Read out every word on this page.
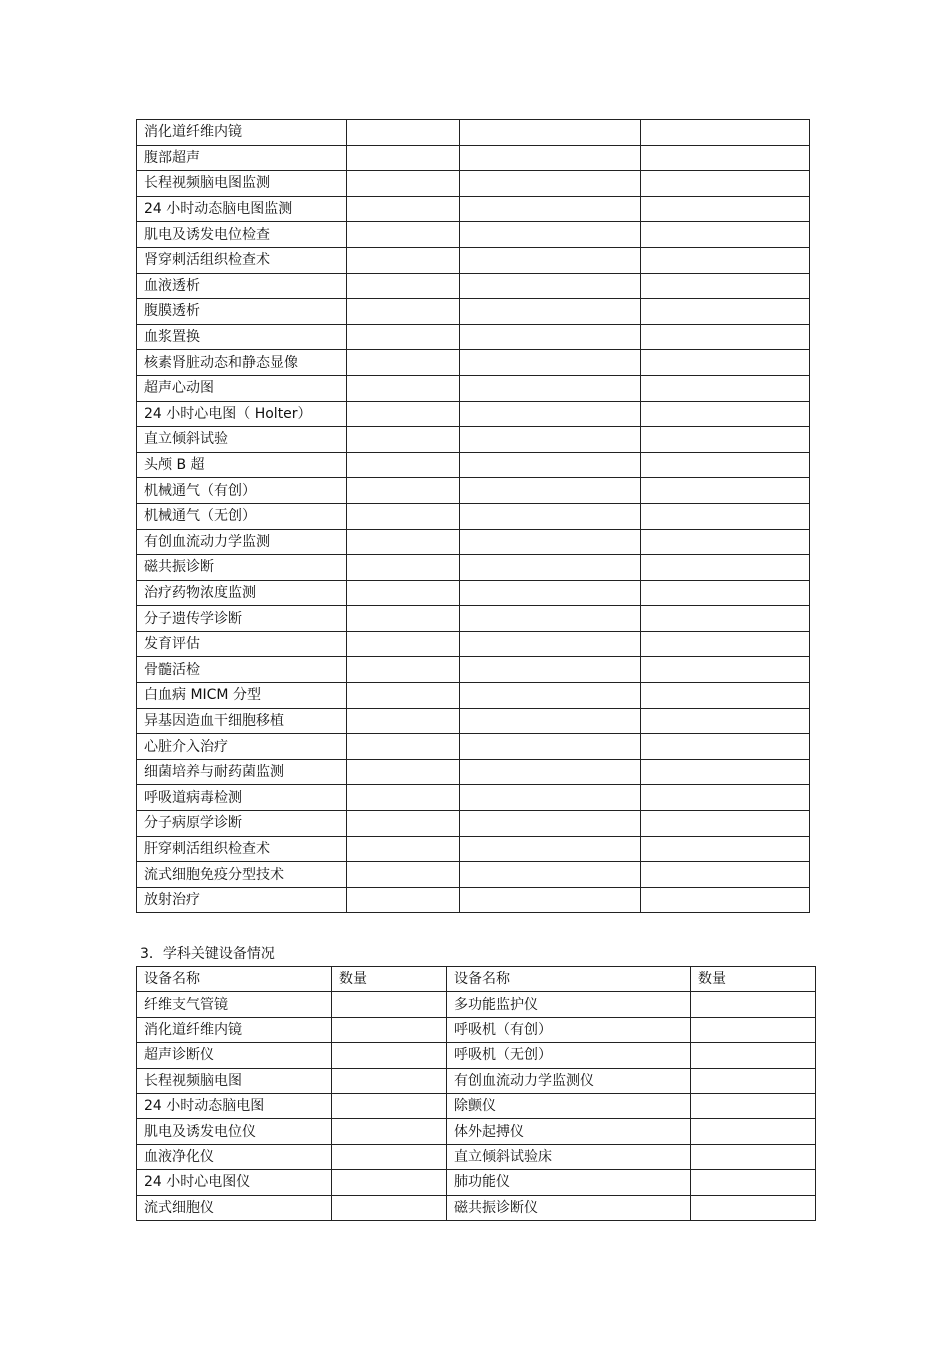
消化道纤维内镜			
腹部超声			
长程视频脑电图监测			
24 小时动态脑电图监测			
肌电及诱发电位检查			
肾穿刺活组织检查术			
血液透析			
腹膜透析			
血浆置换			
核素肾脏动态和静态显像			
超声心动图			
24 小时心电图（ Holter）			
直立倾斜试验			
头颅 B 超			
机械通气（有创）			
机械通气（无创）			
有创血流动力学监测			
磁共振诊断			
治疗药物浓度监测			
分子遗传学诊断			
发育评估			
骨髓活检			
白血病 MICM 分型			
异基因造血干细胞移植			
心脏介入治疗			
细菌培养与耐药菌监测			
呼吸道病毒检测			
分子病原学诊断			
肝穿刺活组织检查术			
流式细胞免疫分型技术			
放射治疗			
3．学科关键设备情况
设备名称	数量	设备名称	数量
纤维支气管镜		多功能监护仪	
消化道纤维内镜		呼吸机（有创）	
超声诊断仪		呼吸机（无创）	
长程视频脑电图		有创血流动力学监测仪	
24 小时动态脑电图		除颤仪	
肌电及诱发电位仪		体外起搏仪	
血液净化仪		直立倾斜试验床	
24 小时心电图仪		肺功能仪	
流式细胞仪		磁共振诊断仪	
